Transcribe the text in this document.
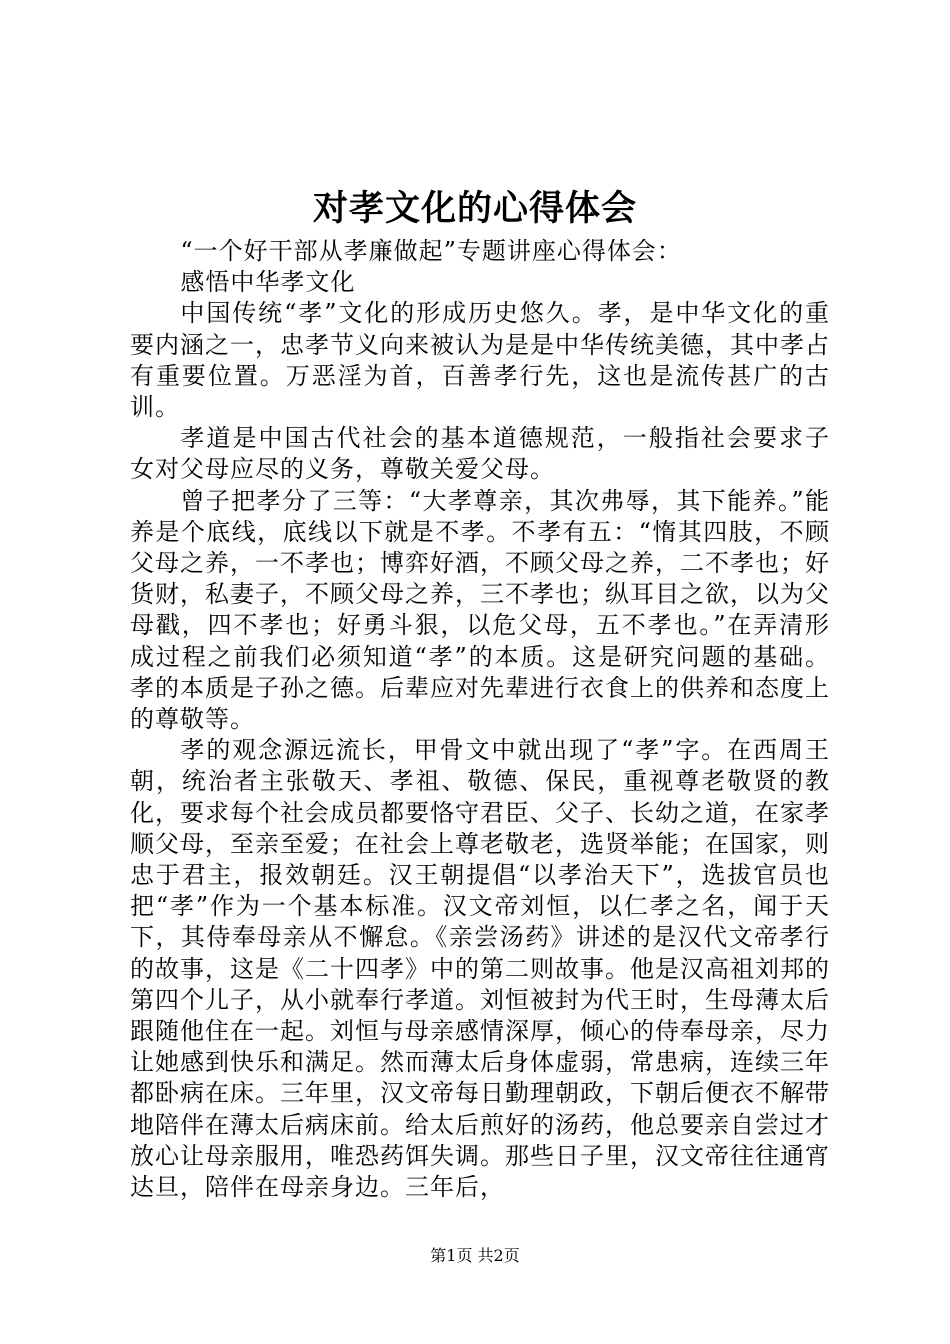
对孝文化的心得体会

“一个好干部从孝廉做起”专题讲座心得体会：

感悟中华孝文化

中国传统“孝”文化的形成历史悠久。孝，是中华文化的重要内涵之一，忠孝节义向来被认为是是中华传统美德，其中孝占有重要位置。万恶淫为首，百善孝行先，这也是流传甚广的古训。

孝道是中国古代社会的基本道德规范，一般指社会要求子女对父母应尽的义务，尊敬关爱父母。

曾子把孝分了三等：“大孝尊亲，其次弗辱，其下能养。”能养是个底线，底线以下就是不孝。不孝有五：“惰其四肢，不顾父母之养，一不孝也；博弈好酒，不顾父母之养，二不孝也；好货财，私妻子，不顾父母之养，三不孝也；纵耳目之欲，以为父母戳，四不孝也；好勇斗狠，以危父母，五不孝也。”在弄清形成过程之前我们必须知道“孝”的本质。这是研究问题的基础。孝的本质是子孙之德。后辈应对先辈进行衣食上的供养和态度上的尊敬等。

孝的观念源远流长，甲骨文中就出现了“孝”字。在西周王朝，统治者主张敬天、孝祖、敬德、保民，重视尊老敬贤的教化，要求每个社会成员都要恪守君臣、父子、长幼之道，在家孝顺父母，至亲至爱；在社会上尊老敬老，选贤举能；在国家，则忠于君主，报效朝廷。汉王朝提倡“以孝治天下”，选拔官员也把“孝”作为一个基本标准。汉文帝刘恒，以仁孝之名，闻于天下，其侍奉母亲从不懈怠。《亲尝汤药》讲述的是汉代文帝孝行的故事，这是《二十四孝》中的第二则故事。他是汉高祖刘邦的第四个儿子，从小就奉行孝道。刘恒被封为代王时，生母薄太后跟随他住在一起。刘恒与母亲感情深厚，倾心的侍奉母亲，尽力让她感到快乐和满足。然而薄太后身体虚弱，常患病，连续三年都卧病在床。三年里，汉文帝每日勤理朝政，下朝后便衣不解带地陪伴在薄太后病床前。给太后煎好的汤药，他总要亲自尝过才放心让母亲服用，唯恐药饵失调。那些日子里，汉文帝往往通宵达旦，陪伴在母亲身边。三年后，

第1页 共2页
